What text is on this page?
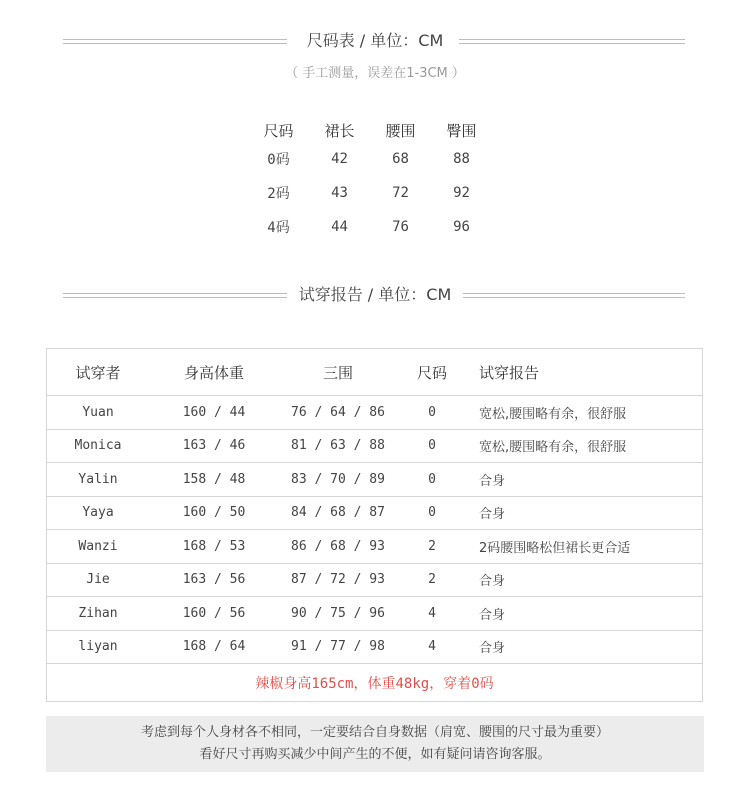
尺码表 / 单位：CM
（ 手工测量，误差在1-3CM ）
尺码	裙长	腰围	臀围
0码	42	68	88
2码	43	72	92
4码	44	76	96
试穿报告 / 单位：CM
试穿者	身高体重	三围	尺码	试穿报告
Yuan	160 / 44	76 / 64 / 86	0	宽松,腰围略有余，很舒服
Monica	163 / 46	81 / 63 / 88	0	宽松,腰围略有余，很舒服
Yalin	158 / 48	83 / 70 / 89	0	合身
Yaya	160 / 50	84 / 68 / 87	0	合身
Wanzi	168 / 53	86 / 68 / 93	2	2码腰围略松但裙长更合适
Jie	163 / 56	87 / 72 / 93	2	合身
Zihan	160 / 56	90 / 75 / 96	4	合身
liyan	168 / 64	91 / 77 / 98	4	合身
辣椒身高165cm，体重48kg，穿着0码
考虑到每个人身材各不相同，一定要结合自身数据（肩宽、腰围的尺寸最为重要）
看好尺寸再购买减少中间产生的不便，如有疑问请咨询客服。
